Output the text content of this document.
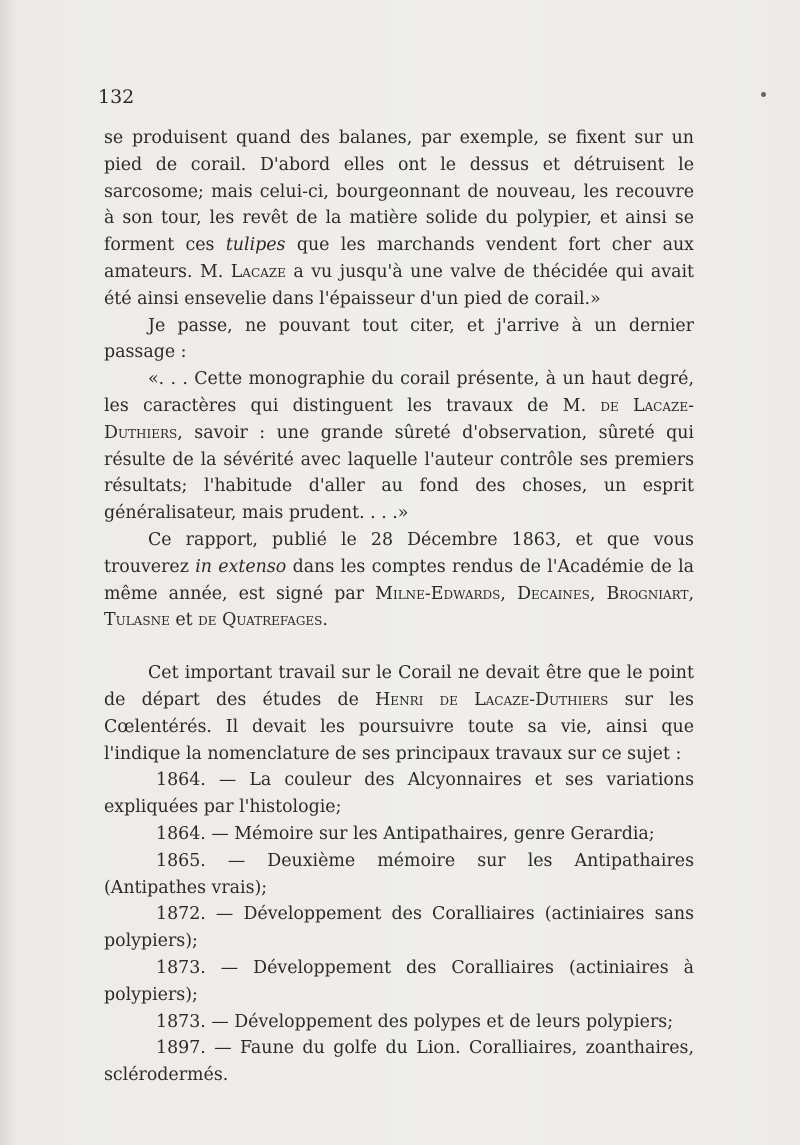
132

se produisent quand des balanes, par exemple, se fixent sur un pied de corail. D'abord elles ont le dessus et détruisent le sarcosome; mais celui-ci, bourgeonnant de nouveau, les recouvre à son tour, les revêt de la matière solide du polypier, et ainsi se forment ces tulipes que les marchands vendent fort cher aux amateurs. M. Lacaze a vu jusqu'à une valve de thécidée qui avait été ainsi ensevelie dans l'épaisseur d'un pied de corail.»

Je passe, ne pouvant tout citer, et j'arrive à un dernier passage :

«. . . Cette monographie du corail présente, à un haut degré, les caractères qui distinguent les travaux de M. de Lacaze-Duthiers, savoir : une grande sûreté d'observation, sûreté qui résulte de la sévérité avec laquelle l'auteur contrôle ses premiers résultats; l'habitude d'aller au fond des choses, un esprit généralisateur, mais prudent. . . .»

Ce rapport, publié le 28 Décembre 1863, et que vous trouverez in extenso dans les comptes rendus de l'Académie de la même année, est signé par Milne-Edwards, Decaines, Brogniart, Tulasne et de Quatrefages.

Cet important travail sur le Corail ne devait être que le point de départ des études de Henri de Lacaze-Duthiers sur les Cœlentérés. Il devait les poursuivre toute sa vie, ainsi que l'indique la nomenclature de ses principaux travaux sur ce sujet :

1864. — La couleur des Alcyonnaires et ses variations expliquées par l'histologie;

1864. — Mémoire sur les Antipathaires, genre Gerardia;

1865. — Deuxième mémoire sur les Antipathaires (Antipathes vrais);

1872. — Développement des Coralliaires (actiniaires sans polypiers);

1873. — Développement des Coralliaires (actiniaires à polypiers);

1873. — Développement des polypes et de leurs polypiers;

1897. — Faune du golfe du Lion. Coralliaires, zoanthaires, sclérodermés.
